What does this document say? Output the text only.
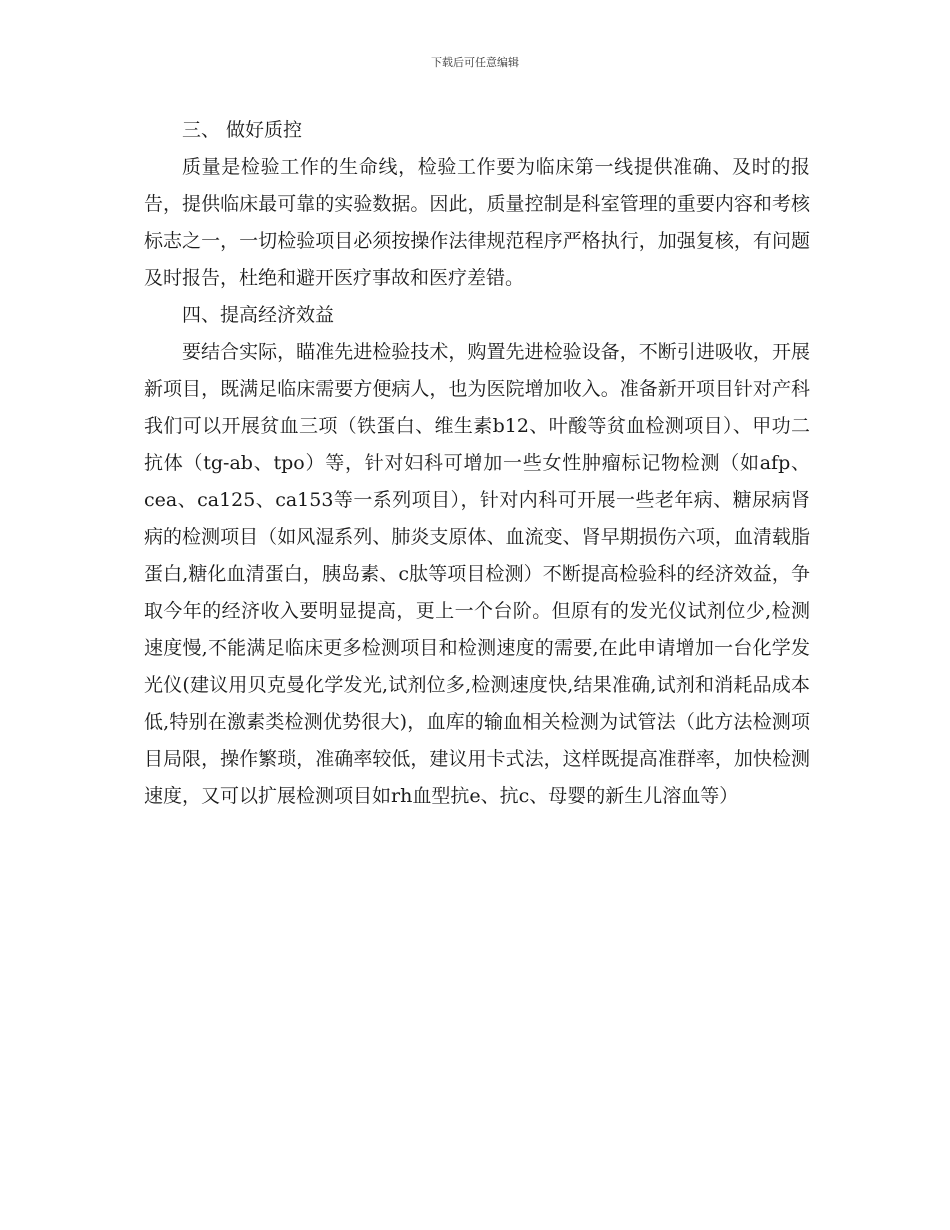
下载后可任意编辑

三、 做好质控

质量是检验工作的生命线，检验工作要为临床第一线提供准确、及时的报告，提供临床最可靠的实验数据。因此，质量控制是科室管理的重要内容和考核标志之一，一切检验项目必须按操作法律规范程序严格执行，加强复核，有问题及时报告，杜绝和避开医疗事故和医疗差错。

四、提高经济效益

要结合实际，瞄准先进检验技术，购置先进检验设备，不断引进吸收，开展新项目，既满足临床需要方便病人，也为医院增加收入。准备新开项目针对产科我们可以开展贫血三项（铁蛋白、维生素b12、叶酸等贫血检测项目）、甲功二抗体（tg-ab、tpo）等，针对妇科可增加一些女性肿瘤标记物检测（如afp、cea、ca125、ca153等一系列项目），针对内科可开展一些老年病、糖尿病肾病的检测项目（如风湿系列、肺炎支原体、血流变、肾早期损伤六项，血清载脂蛋白,糖化血清蛋白，胰岛素、c肽等项目检测）不断提高检验科的经济效益，争取今年的经济收入要明显提高，更上一个台阶。但原有的发光仪试剂位少,检测速度慢,不能满足临床更多检测项目和检测速度的需要,在此申请增加一台化学发光仪(建议用贝克曼化学发光,试剂位多,检测速度快,结果准确,试剂和消耗品成本低,特别在激素类检测优势很大)，血库的输血相关检测为试管法（此方法检测项目局限，操作繁琐，准确率较低，建议用卡式法，这样既提高准群率，加快检测速度，又可以扩展检测项目如rh血型抗e、抗c、母婴的新生儿溶血等）
